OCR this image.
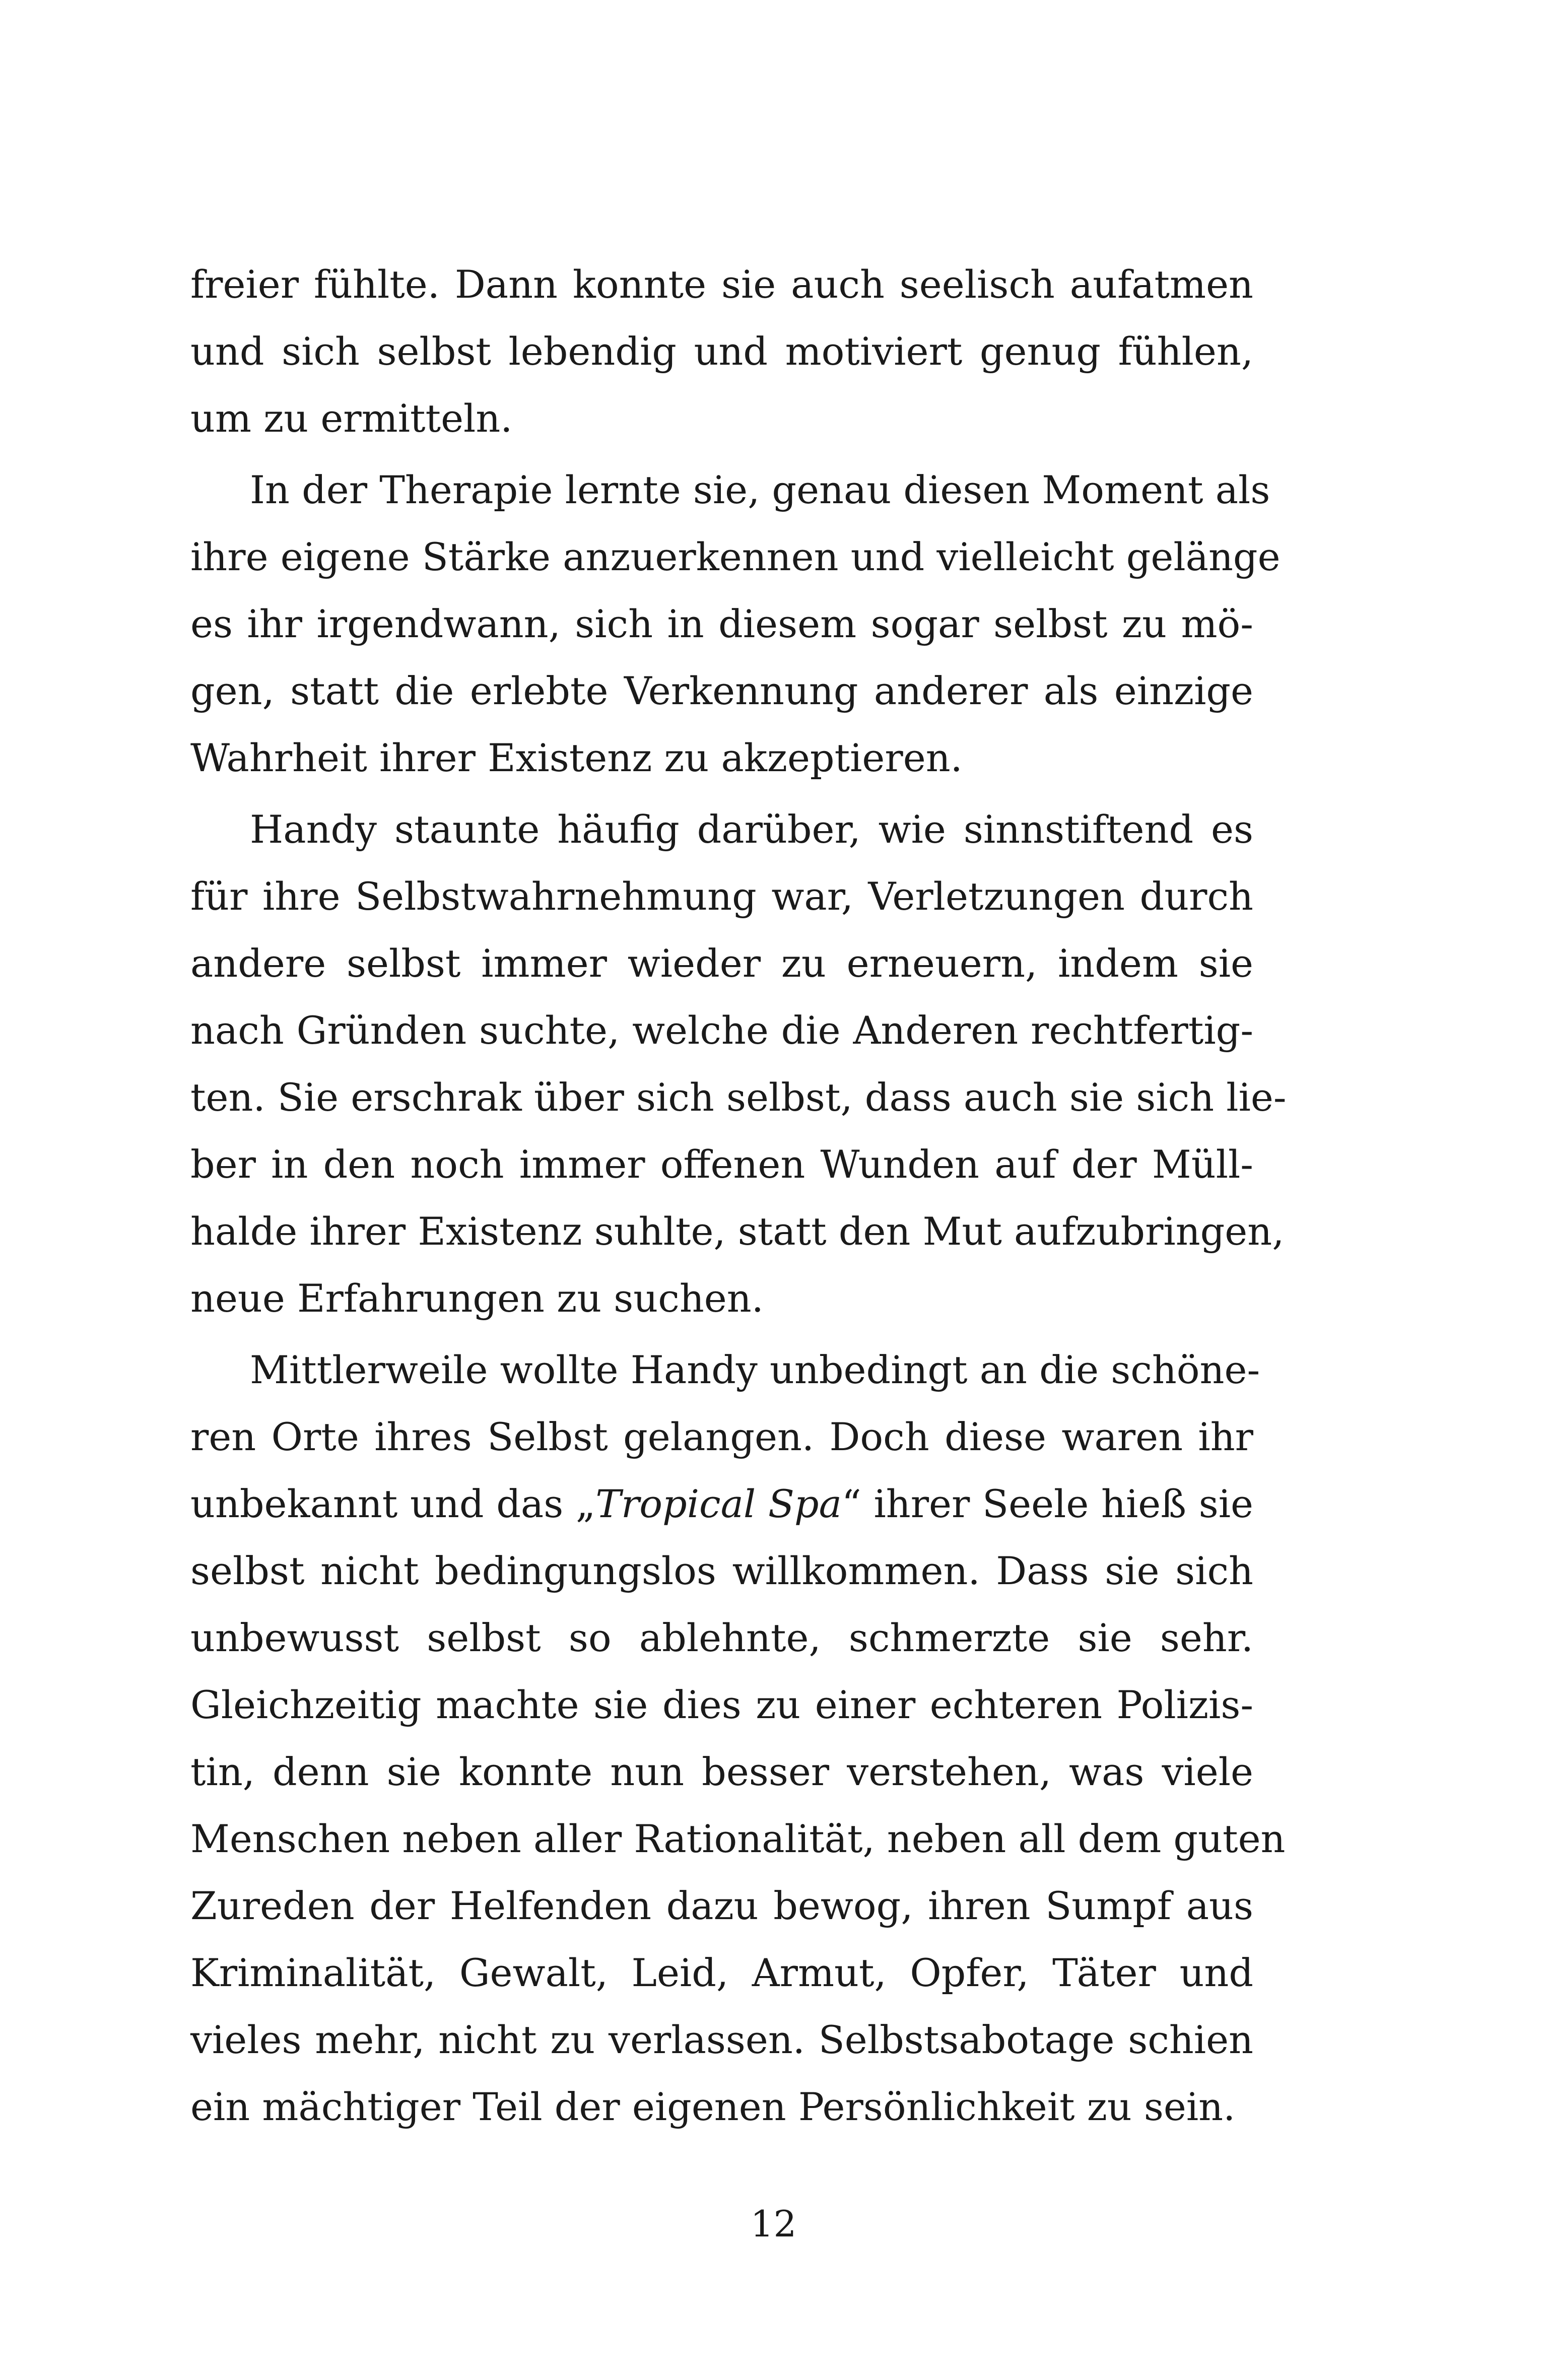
freier fühlte. Dann konnte sie auch seelisch aufatmen
und sich selbst lebendig und motiviert genug fühlen,
um zu ermitteln.
In der Therapie lernte sie, genau diesen Moment als
ihre eigene Stärke anzuerkennen und vielleicht gelänge
es ihr irgendwann, sich in diesem sogar selbst zu mö-
gen, statt die erlebte Verkennung anderer als einzige
Wahrheit ihrer Existenz zu akzeptieren.
Handy staunte häufig darüber, wie sinnstiftend es
für ihre Selbstwahrnehmung war, Verletzungen durch
andere selbst immer wieder zu erneuern, indem sie
nach Gründen suchte, welche die Anderen rechtfertig-
ten. Sie erschrak über sich selbst, dass auch sie sich lie-
ber in den noch immer offenen Wunden auf der Müll-
halde ihrer Existenz suhlte, statt den Mut aufzubringen,
neue Erfahrungen zu suchen.
Mittlerweile wollte Handy unbedingt an die schöne-
ren Orte ihres Selbst gelangen. Doch diese waren ihr
unbekannt und das „Tropical Spa“ ihrer Seele hieß sie
selbst nicht bedingungslos willkommen. Dass sie sich
unbewusst selbst so ablehnte, schmerzte sie sehr.
Gleichzeitig machte sie dies zu einer echteren Polizis-
tin, denn sie konnte nun besser verstehen, was viele
Menschen neben aller Rationalität, neben all dem guten
Zureden der Helfenden dazu bewog, ihren Sumpf aus
Kriminalität, Gewalt, Leid, Armut, Opfer, Täter und
vieles mehr, nicht zu verlassen. Selbstsabotage schien
ein mächtiger Teil der eigenen Persönlichkeit zu sein.
12
